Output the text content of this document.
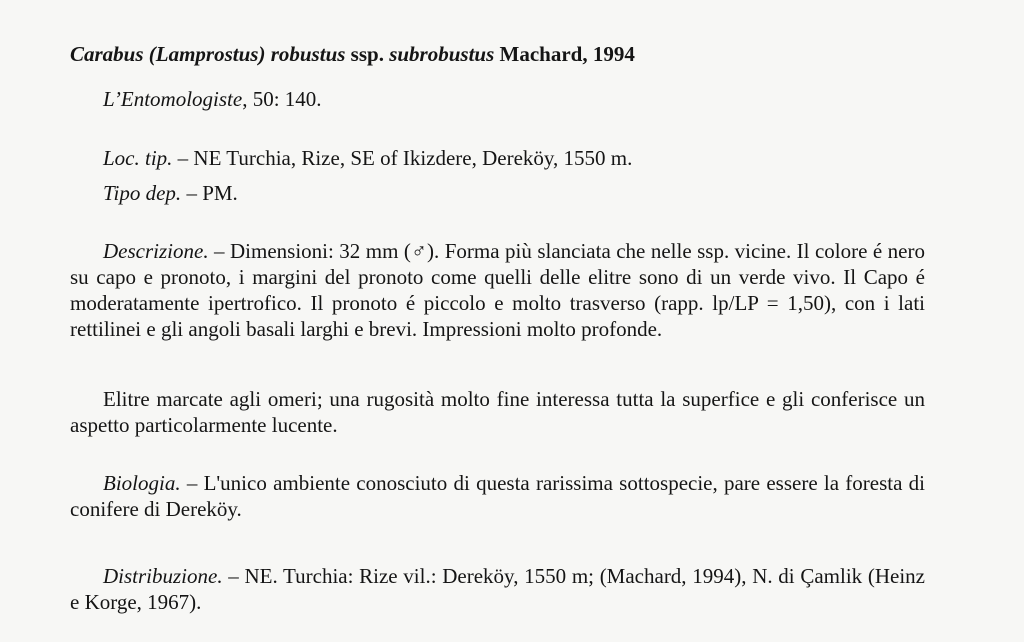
Carabus (Lamprostus) robustus ssp. subrobustus Machard, 1994
L’Entomologiste, 50: 140.
Loc. tip. – NE Turchia, Rize, SE of Ikizdere, Dereköy, 1550 m.
Tipo dep. – PM.
Descrizione. – Dimensioni: 32 mm (♂). Forma più slanciata che nelle ssp. vicine. Il colore é nero su capo e pronoto, i margini del pronoto come quelli delle elitre sono di un verde vivo. Il Capo é moderatamente ipertrofico. Il pronoto é piccolo e molto trasverso (rapp. lp/LP = 1,50), con i lati rettilinei e gli angoli basali larghi e brevi. Impressioni molto profonde.
Elitre marcate agli omeri; una rugosità molto fine interessa tutta la superfice e gli conferisce un aspetto particolarmente lucente.
Biologia. – L'unico ambiente conosciuto di questa rarissima sottospecie, pare essere la foresta di conifere di Dereköy.
Distribuzione. – NE. Turchia: Rize vil.: Dereköy, 1550 m; (Machard, 1994), N. di Çamlik (Heinz e Korge, 1967).
